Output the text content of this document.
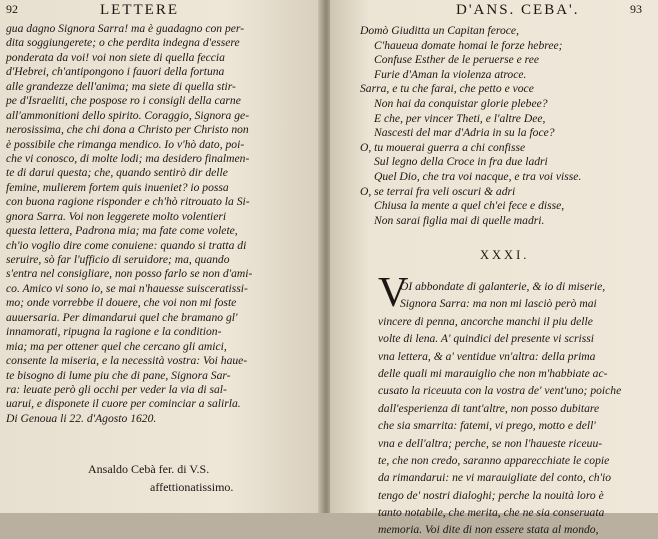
92	LETTERE
gua dagno Signora Sarra! ma è guadagno con per-
dita soggiungerete; o che perdita indegna d'essere
ponderata da voi! voi non siete di quella feccia
d'Hebrei, ch'antipongono i fauori della fortuna
alle grandezze dell'anima; ma siete di quella stir-
pe d'Israeliti, che pospose ro i consigli della carne
all'ammonitioni dello spirito. Coraggio, Signora ge-
nerosissima, che chi dona a Christo per Christo non
è possibile che rimanga mendico. Io v'hò dato, poi-
che vi conosco, di molte lodi; ma desidero finalmen-
te di darui questa; che, quando sentirò dir delle
femine, mulierem fortem quis inueniet? io possa
con buona ragione risponder e ch'hò ritrouato la Si-
gnora Sarra. Voi non leggerete molto volentieri
questa lettera, Padrona mia; ma fate come volete,
ch'io voglio dire come conuiene: quando si tratta di
seruire, sò far l'ufficio di seruidore; ma, quando
s'entra nel consigliare, non posso farlo se non d'ami-
co. Amico vi sono io, se mai n'hauesse suisceratissi-
mo; onde vorrebbe il douere, che voi non mi foste
auuersaria. Per dimandarui quel che bramano gl'
innamorati, ripugna la ragione e la condition-
mia; ma per ottener quel che cercano gli amici,
consente la miseria, e la necessità vostra: Voi haue-
te bisogno di lume piu che di pane, Signora Sar-
ra: leuate però gli occhi per veder la via di sal-
uarui, e disponete il cuore per cominciar a salirla.
Di Genoua li 22. d'Agosto 1620.
Ansaldo Cebà fer. di V.S.
affettionatissimo.
D'ANS. CEBA'.	93
Domò Giuditta un Capitan feroce,
C'haueua domate homai le forze hebree;
Confuse Esther de le peruerse e ree
Furie d'Aman la violenza atroce.
Sarra, e tu che farai, che petto e voce
Non hai da conquistar glorie plebee?
E che, per vincer Theti, e l'altre Dee,
Nascesti del mar d'Adria in su la foce?
O, tu mouerai guerra a chi confisse
Sul legno della Croce in fra due ladri
Quel Dio, che tra voi nacque, e tra voi visse.
O, se terrai fra veli oscuri & adri
Chiusa la mente a quel ch'ei fece e disse,
Non sarai figlia mai di quelle madri.
XXXI.
V
OI abbondate di galanterie, & io di miserie,
Signora Sarra: ma non mi lasciò però mai
vincere di penna, ancorche manchi il piu delle
volte di lena. A' quindici del presente vi scrissi
vna lettera, & a' ventidue vn'altra: della prima
delle quali mi marauiglio che non m'habbiate ac-
cusato la riceuuta con la vostra de' vent'uno; poiche
dall'esperienza di tant'altre, non posso dubitare
che sia smarrita: fatemi, vi prego, motto e dell'
vna e dell'altra; perche, se non l'haueste riceuu-
te, che non credo, saranno apparecchiate le copie
da rimandarui: ne vi marauigliate del conto, ch'io
tengo de' nostri dialoghi; perche la nouità loro è
tanto notabile, che merita, che ne sia conseruata
memoria. Voi dite di non essere stata al mondo,
